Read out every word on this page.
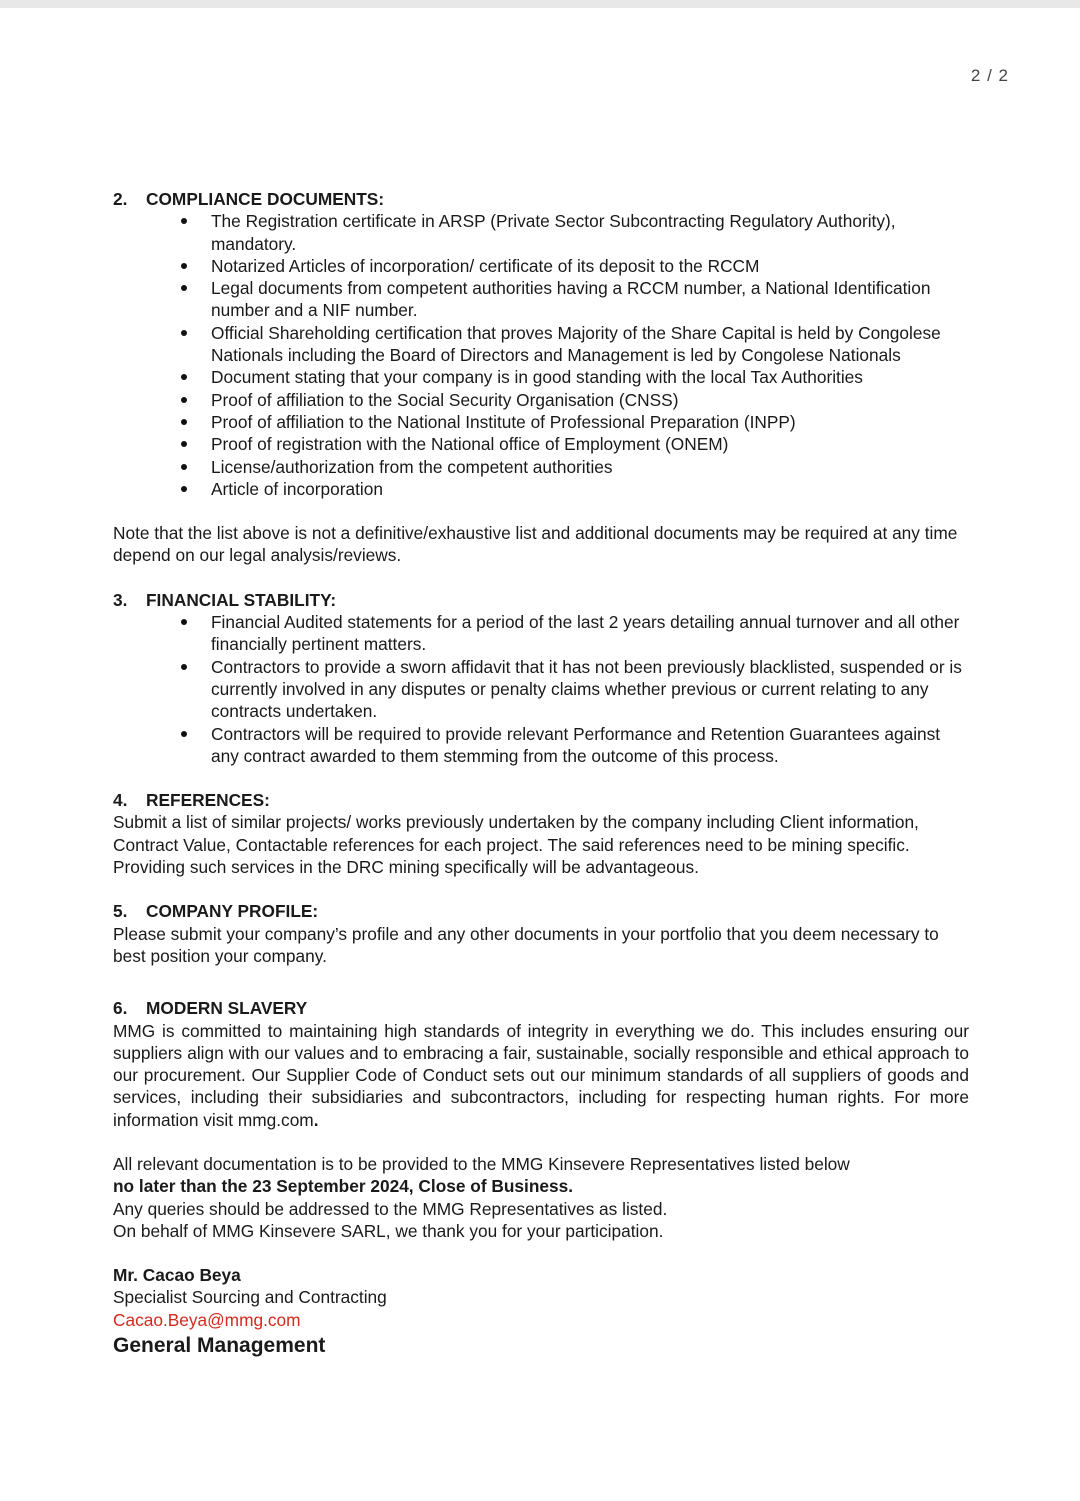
2 / 2
2.	COMPLIANCE DOCUMENTS:
The Registration certificate in ARSP (Private Sector Subcontracting Regulatory Authority), mandatory.
Notarized Articles of incorporation/ certificate of its deposit to the RCCM
Legal documents from competent authorities having a RCCM number, a National Identification number and a NIF number.
Official Shareholding certification that proves Majority of the Share Capital is held by Congolese Nationals including the Board of Directors and Management is led by Congolese Nationals
Document stating that your company is in good standing with the local Tax Authorities
Proof of affiliation to the Social Security Organisation (CNSS)
Proof of affiliation to the National Institute of Professional Preparation (INPP)
Proof of registration with the National office of Employment (ONEM)
License/authorization from the competent authorities
Article of incorporation

Note that the list above is not a definitive/exhaustive list and additional documents may be required at any time depend on our legal analysis/reviews.

3.	FINANCIAL STABILITY:
Financial Audited statements for a period of the last 2 years detailing annual turnover and all other financially pertinent matters.
Contractors to provide a sworn affidavit that it has not been previously blacklisted, suspended or is currently involved in any disputes or penalty claims whether previous or current relating to any contracts undertaken.
Contractors will be required to provide relevant Performance and Retention Guarantees against any contract awarded to them stemming from the outcome of this process.
4.	REFERENCES:

Submit a list of similar projects/ works previously undertaken by the company including Client information, Contract Value, Contactable references for each project. The said references need to be mining specific. Providing such services in the DRC mining specifically will be advantageous.

5.	COMPANY PROFILE:

Please submit your company’s profile and any other documents in your portfolio that you deem necessary to best position your company.

6.	MODERN SLAVERY

MMG is committed to maintaining high standards of integrity in everything we do. This includes ensuring our suppliers align with our values and to embracing a fair, sustainable, socially responsible and ethical approach to our procurement. Our Supplier Code of Conduct sets out our minimum standards of all suppliers of goods and services, including their subsidiaries and subcontractors, including for respecting human rights. For more information visit mmg.com.

All relevant documentation is to be provided to the MMG Kinsevere Representatives listed below

no later than the 23 September 2024, Close of Business.

Any queries should be addressed to the MMG Representatives as listed.

On behalf of MMG Kinsevere SARL, we thank you for your participation.

Mr. Cacao Beya

Specialist Sourcing and Contracting

Cacao.Beya@mmg.com

General Management
